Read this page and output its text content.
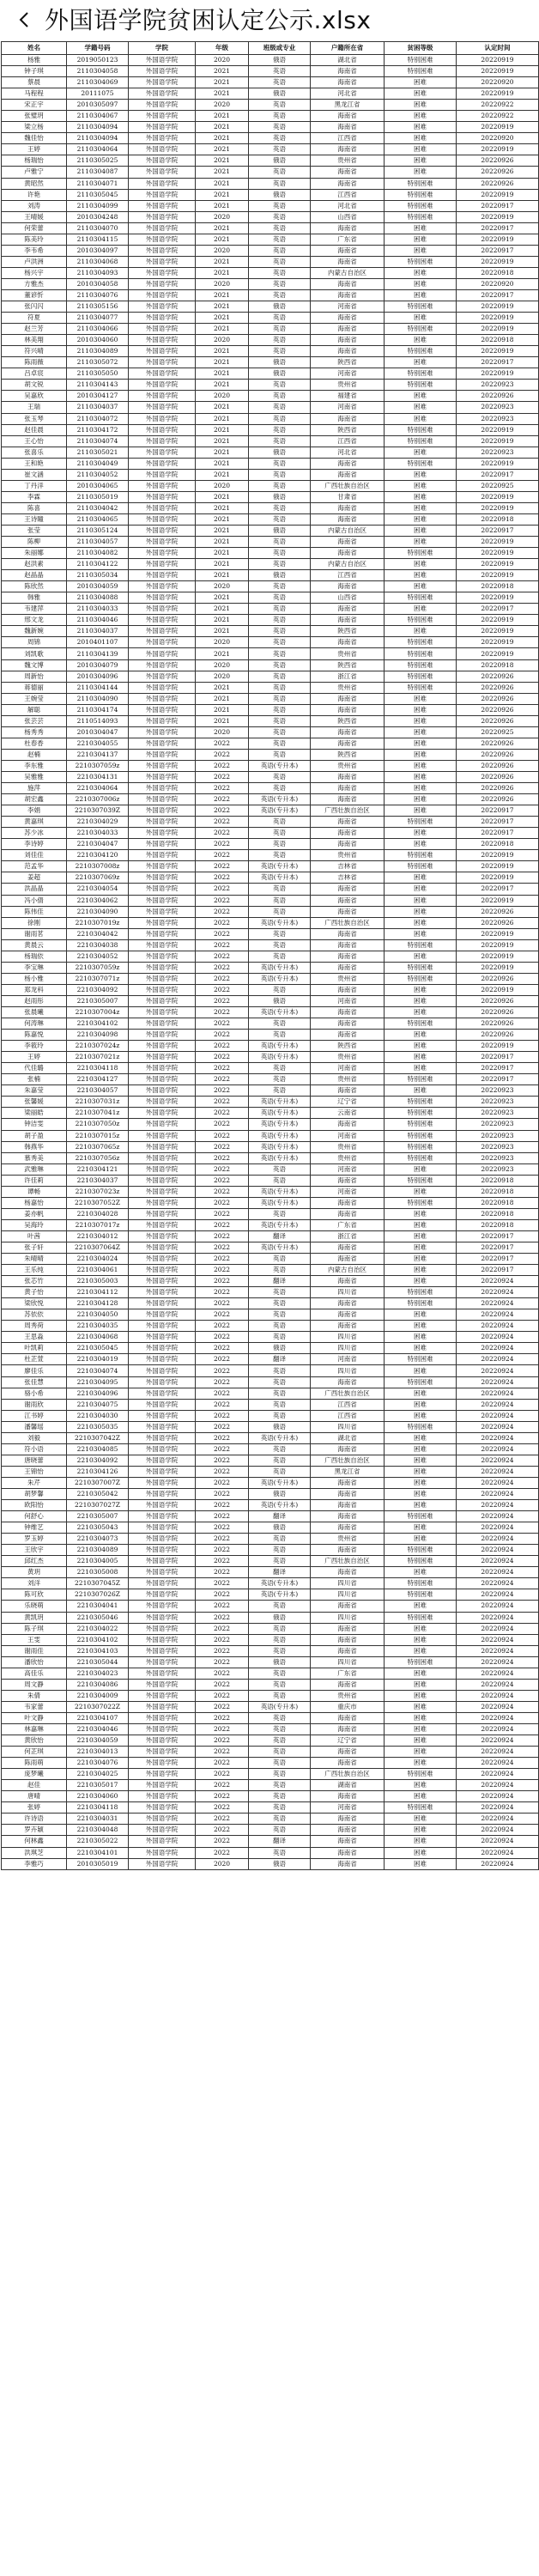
外国语学院贫困认定公示.xlsx
姓名	学籍号码	学院	年级	班级或专业	户籍所在省	贫困等级	认定时间
杨雅	2019050123	外国语学院	2020	俄语	湖北省	特别困难	20220919
钟子琪	2110304058	外国语学院	2021	英语	海南省	特别困难	20220919
蔡晨	2110304069	外国语学院	2021	英语	海南省	困难	20220920
马程程	20111075	外国语学院	2021	俄语	河北省	困难	20220919
宋正宇	2010305097	外国语学院	2020	英语	黑龙江省	困难	20220922
张璧玥	2110304067	外国语学院	2021	英语	海南省	困难	20220922
梁立杨	2110304094	外国语学院	2021	英语	海南省	困难	20220919
魏佳怡	2110304094	外国语学院	2021	英语	江西省	困难	20220920
王婷	2110304064	外国语学院	2021	英语	海南省	困难	20220919
杨瑞怡	2110305025	外国语学院	2021	俄语	贵州省	困难	20220926
卢雅宁	2110304087	外国语学院	2021	英语	海南省	困难	20220926
黄昭然	2110304071	外国语学院	2021	英语	海南省	特别困难	20220926
许艳	2110305045	外国语学院	2021	俄语	江西省	特别困难	20220919
刘涛	2110304099	外国语学院	2021	英语	河北省	特别困难	20220917
王晴媛	2010304248	外国语学院	2020	英语	山西省	特别困难	20220919
何荣蕾	2110304070	外国语学院	2021	英语	海南省	困难	20220917
陈美玲	2110304115	外国语学院	2021	英语	广东省	困难	20220919
李韦希	2010304097	外国语学院	2020	英语	海南省	困难	20220917
卢洪洲	2110304068	外国语学院	2021	英语	海南省	特别困难	20220919
杨兴宇	2110304093	外国语学院	2021	英语	内蒙古自治区	困难	20220918
方雅杰	2010304058	外国语学院	2020	英语	海南省	困难	20220920
董谚忻	2110304076	外国语学院	2021	英语	海南省	困难	20220917
张闪闪	2110305156	外国语学院	2021	俄语	河南省	特别困难	20220919
符夏	2110304077	外国语学院	2021	英语	海南省	困难	20220919
赵兰芳	2110304066	外国语学院	2021	英语	海南省	特别困难	20220919
林美翔	2010304060	外国语学院	2020	英语	海南省	困难	20220918
符兴晴	2110304089	外国语学院	2021	英语	海南省	特别困难	20220919
陈雨薇	2110305072	外国语学院	2021	俄语	陕西省	困难	20220917
吕卓宸	2110305050	外国语学院	2021	俄语	河南省	特别困难	20220919
胡文锐	2110304143	外国语学院	2021	英语	贵州省	特别困难	20220923
吴嘉欣	2010304127	外国语学院	2020	英语	福建省	困难	20220926
王瑞	2110304037	外国语学院	2021	英语	河南省	困难	20220923
张玉琴	2110304072	外国语学院	2021	英语	海南省	困难	20220923
赵佳晨	2110304172	外国语学院	2021	英语	陕西省	特别困难	20220919
王心怡	2110304074	外国语学院	2021	英语	江西省	特别困难	20220919
张喜乐	2110305021	外国语学院	2021	俄语	河北省	困难	20220923
王和艳	2110304049	外国语学院	2021	英语	海南省	特别困难	20220919
崔文涵	2110304052	外国语学院	2021	英语	海南省	困难	20220917
丁丹洋	2010304065	外国语学院	2020	英语	广西壮族自治区	困难	20220925
李霖	2110305019	外国语学院	2021	俄语	甘肃省	困难	20220919
陈喜	2110304042	外国语学院	2021	英语	海南省	困难	20220919
王诗瞳	2110304065	外国语学院	2021	英语	海南省	困难	20220918
张莹	2110305124	外国语学院	2021	俄语	内蒙古自治区	困难	20220917
陈柳	2110304057	外国语学院	2021	英语	海南省	困难	20220919
朱丽娜	2110304082	外国语学院	2021	英语	海南省	特别困难	20220919
赵洪素	2110304122	外国语学院	2021	英语	内蒙古自治区	困难	20220919
赵晶晶	2110305034	外国语学院	2021	俄语	江西省	困难	20220919
陈欣然	2010304059	外国语学院	2020	英语	海南省	困难	20220918
韩雅	2110304088	外国语学院	2021	英语	山西省	特别困难	20220919
韦建萍	2110304033	外国语学院	2021	英语	海南省	困难	20220917
邢文龙	2110304046	外国语学院	2021	英语	海南省	特别困难	20220919
魏新婉	2110304037	外国语学院	2021	英语	陕西省	困难	20220919
周锦	2010401107	外国语学院	2020	英语	海南省	特别困难	20220919
刘凯歌	2110304139	外国语学院	2021	英语	贵州省	特别困难	20220919
魏文博	2010304079	外国语学院	2020	英语	陕西省	特别困难	20220918
周新怡	2010304096	外国语学院	2020	英语	浙江省	特别困难	20220926
蒋德丽	2110304144	外国语学院	2021	英语	贵州省	特别困难	20220926
王婉莹	2110304090	外国语学院	2021	英语	海南省	困难	20220926
解聪	2110304174	外国语学院	2021	英语	海南省	困难	20220926
张芸芸	2110514093	外国语学院	2021	英语	陕西省	困难	20220926
杨秀秀	2010304047	外国语学院	2020	英语	海南省	困难	20220925
杜春香	2210304055	外国语学院	2022	英语	海南省	困难	20220926
赵楠	2210304137	外国语学院	2022	英语	陕西省	困难	20220926
李东雅	2210307059z	外国语学院	2022	英语(专升本)	贵州省	困难	20220926
吴雅雅	2210304131	外国语学院	2022	英语	海南省	困难	20220926
施萍	2210304064	外国语学院	2022	英语	海南省	困难	20220926
胡宏鑫	2210307006z	外国语学院	2022	英语(专升本)	海南省	困难	20220926
李娟	2210307039Z	外国语学院	2022	英语(专升本)	广西壮族自治区	困难	20220917
黄嘉琪	2210304029	外国语学院	2022	英语	海南省	特别困难	20220917
苏少冰	2210304033	外国语学院	2022	英语	海南省	困难	20220917
李诗婷	2210304047	外国语学院	2022	英语	海南省	困难	20220918
刘佳佳	2210304120	外国语学院	2022	英语	贵州省	特别困难	20220919
范孟华	2210307008z	外国语学院	2022	英语(专升本)	吉林省	特别困难	20220919
姜超	2210307069z	外国语学院	2022	英语(专升本)	吉林省	困难	20220919
洪晶晶	2210304054	外国语学院	2022	英语	海南省	困难	20220917
冯小倩	2210304062	外国语学院	2022	英语	海南省	困难	20220919
陈伟佳	2210304090	外国语学院	2022	英语	海南省	困难	20220926
徐刚	2210307019z	外国语学院	2022	英语(专升本)	广西壮族自治区	困难	20220926
谢雨茗	2210304042	外国语学院	2022	英语	海南省	困难	20220919
黄晨云	2210304038	外国语学院	2022	英语	海南省	特别困难	20220919
杨瑞依	2210304052	外国语学院	2022	英语	海南省	困难	20220919
李宝琳	2210307059z	外国语学院	2022	英语(专升本)	海南省	特别困难	20220919
杨小雅	2210307071z	外国语学院	2022	英语(专升本)	贵州省	特别困难	20220926
郑龙科	2210304092	外国语学院	2022	英语	海南省	困难	20220919
赵雨彤	2210305007	外国语学院	2022	俄语	河南省	困难	20220926
张晨曦	2210307004z	外国语学院	2022	英语(专升本)	海南省	困难	20220926
何涛琳	2210304102	外国语学院	2022	英语	海南省	特别困难	20220926
陈嘉悦	2210304098	外国语学院	2022	英语	海南省	困难	20220926
李筱玲	2210307024z	外国语学院	2022	英语(专升本)	陕西省	困难	20220919
王婷	2210307021z	外国语学院	2022	英语(专升本)	贵州省	困难	20220917
代佳璐	2210304118	外国语学院	2022	英语	河南省	困难	20220917
张楠	2210304127	外国语学院	2022	英语	贵州省	特别困难	20220917
朱嘉莹	2210304057	外国语学院	2022	英语	海南省	困难	20220923
张馨媛	2210307031z	外国语学院	2022	英语(专升本)	辽宁省	特别困难	20220923
梁丽皓	2210307041z	外国语学院	2022	英语(专升本)	云南省	特别困难	20220923
钟洁雯	2210307050z	外国语学院	2022	英语(专升本)	海南省	特别困难	20220923
胡子盈	2210307015z	外国语学院	2022	英语(专升本)	河南省	特别困难	20220923
韩燕华	2210307065z	外国语学院	2022	英语(专升本)	贵州省	特别困难	20220923
慕秀美	2210307056z	外国语学院	2022	英语(专升本)	贵州省	特别困难	20220923
武雅琳	2210304121	外国语学院	2022	英语	河南省	困难	20220923
许佳莉	2210304037	外国语学院	2022	英语	海南省	特别困难	20220918
谭畅	2210307023z	外国语学院	2022	英语(专升本)	河南省	困难	20220918
杨嘉怡	2210307052Z	外国语学院	2022	英语(专升本)	海南省	特别困难	20220918
姜亦帆	2210304028	外国语学院	2022	英语	海南省	困难	20220918
吴海玲	2210307017z	外国语学院	2022	英语(专升本)	广东省	困难	20220918
叶茜	2210304012	外国语学院	2022	翻译	浙江省	困难	20220917
张子轩	2210307064Z	外国语学院	2022	英语(专升本)	海南省	困难	20220917
朱晴晴	2210304024	外国语学院	2022	英语	海南省	困难	20220917
王乐纯	2210304061	外国语学院	2022	英语	内蒙古自治区	困难	20220917
张芯竹	2210305003	外国语学院	2022	翻译	海南省	困难	20220924
黄子怡	2210304112	外国语学院	2022	英语	四川省	特别困难	20220924
梁欣悦	2210304128	外国语学院	2022	英语	海南省	特别困难	20220924
苏依依	2210304050	外国语学院	2022	英语	海南省	困难	20220924
周秀荷	2210304035	外国语学院	2022	英语	海南省	困难	20220924
王思淼	2210304068	外国语学院	2022	英语	四川省	困难	20220924
叶凯莉	2210305045	外国语学院	2022	俄语	四川省	困难	20220924
杜芷萱	2210304019	外国语学院	2022	翻译	河南省	特别困难	20220924
廖佳乐	2210304074	外国语学院	2022	英语	四川省	困难	20220924
张佳慧	2210304095	外国语学院	2022	英语	海南省	特别困难	20220924
骆小希	2210304096	外国语学院	2022	英语	广西壮族自治区	困难	20220924
谢雨欣	2210304075	外国语学院	2022	英语	江西省	困难	20220924
江书婷	2210304030	外国语学院	2022	英语	江西省	困难	20220924
潘馨瑶	2210305035	外国语学院	2022	俄语	四川省	特别困难	20220924
刘毅	2210307042Z	外国语学院	2022	英语(专升本)	湖北省	困难	20220924
符小语	2210304085	外国语学院	2022	英语	海南省	困难	20220924
唐晓蕾	2210304092	外国语学院	2022	英语	广西壮族自治区	困难	20220924
王锦怡	2210304126	外国语学院	2022	英语	黑龙江省	困难	20220924
朱芹	2210307007Z	外国语学院	2022	英语(专升本)	海南省	困难	20220924
胡梦馨	2210305042	外国语学院	2022	俄语	海南省	困难	20220924
欧阳怡	2210307027Z	外国语学院	2022	英语(专升本)	海南省	困难	20220924
何舒心	2210305007	外国语学院	2022	翻译	海南省	特别困难	20220924
钟维艺	2210305043	外国语学院	2022	俄语	海南省	困难	20220924
罗玉婷	2210304073	外国语学院	2022	英语	贵州省	困难	20220924
王欣宇	2210304089	外国语学院	2022	英语	海南省	特别困难	20220924
邱红杰	2210304005	外国语学院	2022	英语	广西壮族自治区	特别困难	20220924
黄玥	2210305008	外国语学院	2022	翻译	海南省	困难	20220924
刘洋	2210307045Z	外国语学院	2022	英语(专升本)	四川省	特别困难	20220924
陈可欣	2210307026Z	外国语学院	2022	英语(专升本)	四川省	特别困难	20220924
乐晓萌	2210304041	外国语学院	2022	英语	海南省	困难	20220924
黄凯玥	2210305046	外国语学院	2022	俄语	四川省	特别困难	20220924
陈子琪	2210304022	外国语学院	2022	英语	海南省	困难	20220924
王雯	2210304102	外国语学院	2022	英语	海南省	困难	20220924
谢雨佳	2210304103	外国语学院	2022	英语	海南省	困难	20220924
潘欣怡	2210305044	外国语学院	2022	俄语	四川省	特别困难	20220924
高佳乐	2210304023	外国语学院	2022	英语	广东省	困难	20220924
周文静	2210304086	外国语学院	2022	英语	海南省	困难	20220924
朱倩	2210304009	外国语学院	2022	英语	贵州省	困难	20220924
韦家蕾	2210307022Z	外国语学院	2022	英语(专升本)	重庆市	困难	20220924
叶文静	2210304107	外国语学院	2022	英语	海南省	困难	20220924
林嘉琳	2210304046	外国语学院	2022	英语	海南省	困难	20220924
黄欣怡	2210304059	外国语学院	2022	英语	辽宁省	困难	20220924
何芷琪	2210304013	外国语学院	2022	英语	海南省	困难	20220924
陈雨萌	2210304076	外国语学院	2022	英语	海南省	困难	20220924
庞梦曦	2210304025	外国语学院	2022	英语	广西壮族自治区	特别困难	20220924
赵佳	2210305017	外国语学院	2022	英语	湖南省	困难	20220924
唐晴	2210304060	外国语学院	2022	英语	海南省	困难	20220924
张婷	2210304118	外国语学院	2022	英语	河南省	特别困难	20220924
许诗语	2210304031	外国语学院	2022	英语	海南省	困难	20220924
罗卉颖	2210304048	外国语学院	2022	英语	海南省	困难	20220924
何林鑫	2210305022	外国语学院	2022	翻译	海南省	困难	20220924
洪琪芝	2210304101	外国语学院	2022	英语	海南省	困难	20220924
李雅巧	2010305019	外国语学院	2020	俄语	海南省	困难	20220924
